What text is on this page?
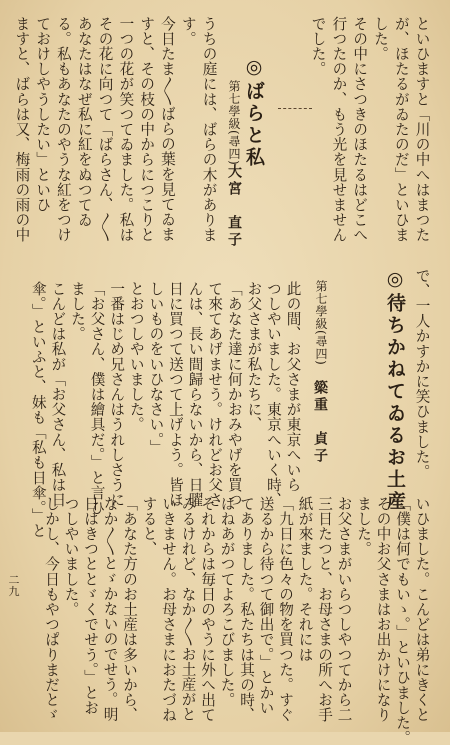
といひますと「川の中へはまつた
が、ほたるがゐたのだ」といひま
した。
その中にさつきのほたるはどこへ
行つたのか、もう光を見せません
でした。
◎ばらと私
第七學級(尋四)
大宮　直子
うちの庭には、ばらの木がありま
す。
今日たま〳〵ばらの葉を見てゐま
すと、その枝の中からにつこりと
一つの花が笑つてゐました。私は
その花に向つて「ばらさん、〳〵
あなたはなぜ私に紅をぬつてゐ
る。私もあなたのやうな紅をつけ
ておけしやうしたい」といひ
ますと、ばらは又、梅雨の雨の中
で、一人かすかに笑ひました。
◎待ちかねてゐるお土産
第七學級(尋四)
簗重　貞子
此の間、お父さまが東京へいら
つしやいました。東京へいく時、
お父さまが私たちに、
「あなた達に何かおみやげを買つ
て來てあげませう。けれどお父さ
んは、長い間歸らないから、日曜
日に買つて送つて上げよう。皆ほ
しいものをいひなさい。」
とおつしやいました。
一番はじめ兄さんはうれしさうに
「お父さん、僕は繪具だ。」と言ひ
ました。
こんどは私が「お父さん、私は日
傘。」といふと、妹も「私も日傘。」と
いひました。こんどは弟にきくと
「僕は何でもいゝ。」といひました。
その中お父さまはお出かけになり
ました。
お父さまがいらつしやつてから二
三日たつと、お母さまの所へお手
紙が來ました。それには
「九日に色々の物を買つた。すぐ
送るから待つて御出で。」とかい
てありました。私たちは其の時、
はねあがつてよろこびました。
それからは毎日のやうに外へ出て
みるけれど、なか〳〵お土産がと
いきません。お母さまにおたづね
すると、
「あなた方のお土産は多いから、
なか〳〵とゞかないのでせう。明
日はきつととゞくでせう。」とお
つしやいました。
しかし、今日もやつぱりまだとゞ
二九
